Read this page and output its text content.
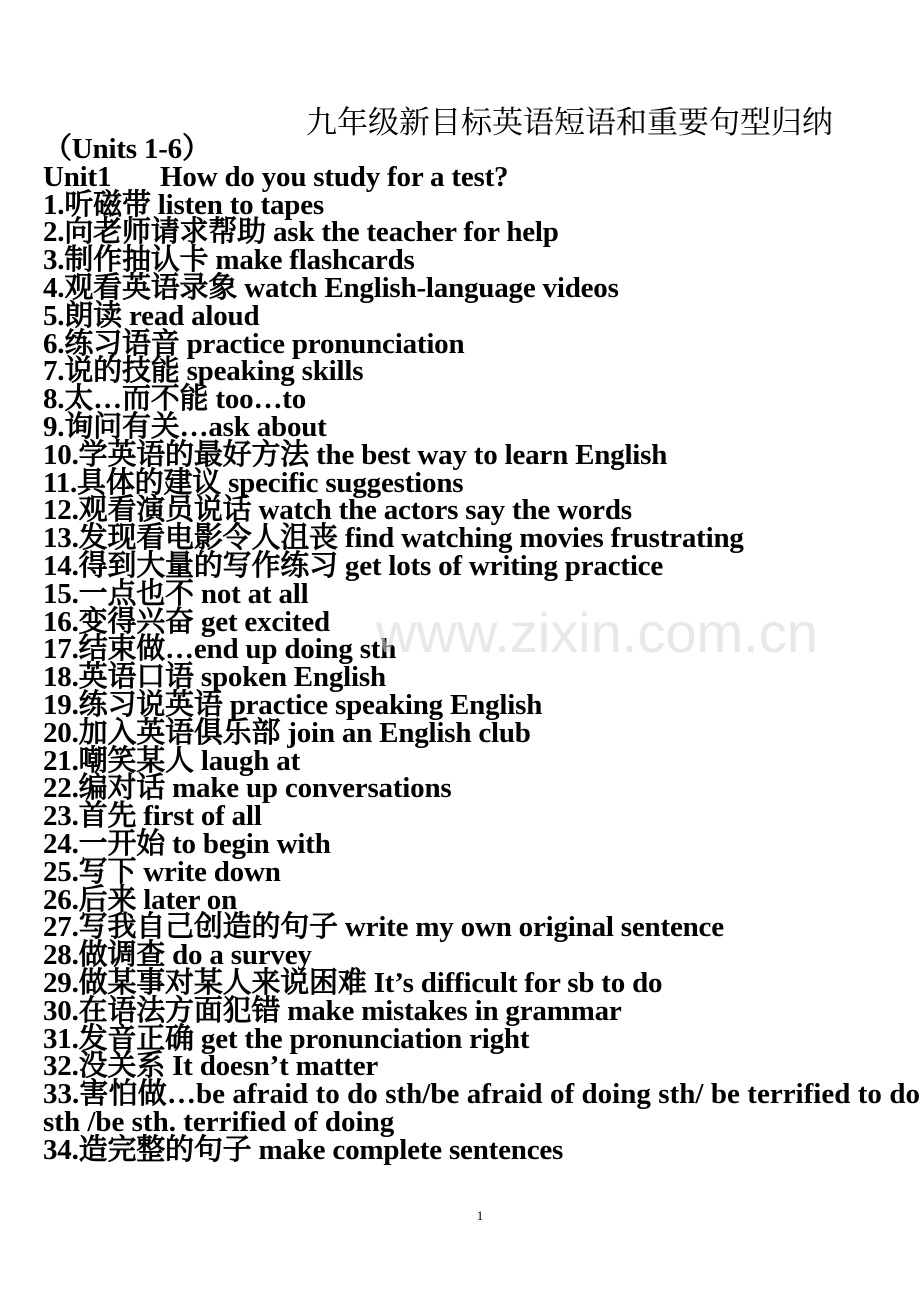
九年级新目标英语短语和重要句型归纳
（Units 1-6）
Unit1 How do you study for a test?
1.听磁带 listen to tapes
2.向老师请求帮助 ask the teacher for help
3.制作抽认卡 make flashcards
4.观看英语录象 watch English-language videos
5.朗读 read aloud
6.练习语音 practice pronunciation
7.说的技能 speaking skills
8.太…而不能 too…to
9.询问有关…ask about
10.学英语的最好方法 the best way to learn English
11.具体的建议 specific suggestions
12.观看演员说话 watch the actors say the words
13.发现看电影令人沮丧 find watching movies frustrating
14.得到大量的写作练习 get lots of writing practice
15.一点也不 not at all
16.变得兴奋 get excited
17.结束做…end up doing sth
18.英语口语 spoken English
19.练习说英语 practice speaking English
20.加入英语俱乐部 join an English club
21.嘲笑某人 laugh at
22.编对话 make up conversations
23.首先 first of all
24.一开始 to begin with
25.写下 write down
26.后来 later on
27.写我自己创造的句子 write my own original sentence
28.做调查 do a survey
29.做某事对某人来说困难 It’s difficult for sb to do
30.在语法方面犯错 make mistakes in grammar
31.发音正确 get the pronunciation right
32.没关系 It doesn’t matter
33.害怕做…be afraid to do sth/be afraid of doing sth/ be terrified to do sth /be sth. terrified of doing
34.造完整的句子 make complete sentences
www.zixin.com.cn
1
